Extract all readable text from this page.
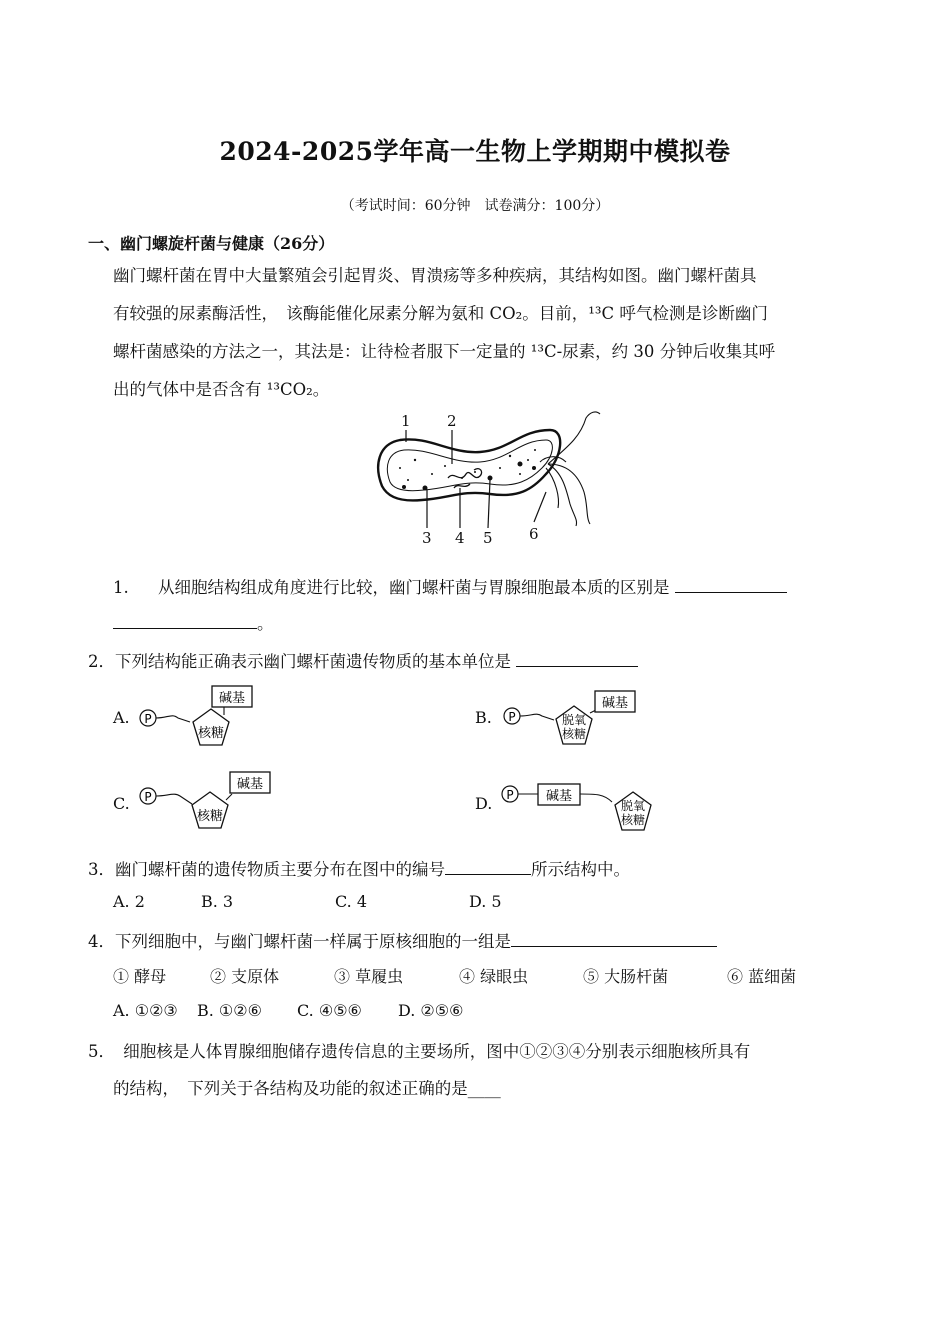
2024-2025学年高一生物上学期期中模拟卷
（考试时间：60分钟　试卷满分：100分）
一、幽门螺旋杆菌与健康（26分）
幽门螺杆菌在胃中大量繁殖会引起胃炎、胃溃疡等多种疾病，其结构如图。幽门螺杆菌具
有较强的尿素酶活性，　该酶能催化尿素分解为氨和 CO₂。目前，¹³C 呼气检测是诊断幽门
螺杆菌感染的方法之一，其法是：让待检者服下一定量的 ¹³C-尿素，约 30 分钟后收集其呼
出的气体中是否含有 ¹³CO₂。
1 2
3 4 5 6
1. 从细胞结构组成角度进行比较，幽门螺杆菌与胃腺细胞最本质的区别是
。
2．下列结构能正确表示幽门螺杆菌遗传物质的基本单位是
A. P
核糖
碱基
B. P	脱氧
核糖
碱基
C. P
核糖
碱基
D. P 碱基
脱氧
核糖
3．幽门螺杆菌的遗传物质主要分布在图中的编号	所示结构中。
A. 2	B. 3	C. 4	D. 5
4．下列细胞中，与幽门螺杆菌一样属于原核细胞的一组是
① 酵母	② 支原体	③ 草履虫	④ 绿眼虫	⑤ 大肠杆菌	⑥ 蓝细菌
A. ①②③ B. ①②⑥ C. ④⑤⑥ D. ②⑤⑥
5．　细胞核是人体胃腺细胞储存遗传信息的主要场所，图中①②③④分别表示细胞核所具有
的结构，　下列关于各结构及功能的叙述正确的是____
